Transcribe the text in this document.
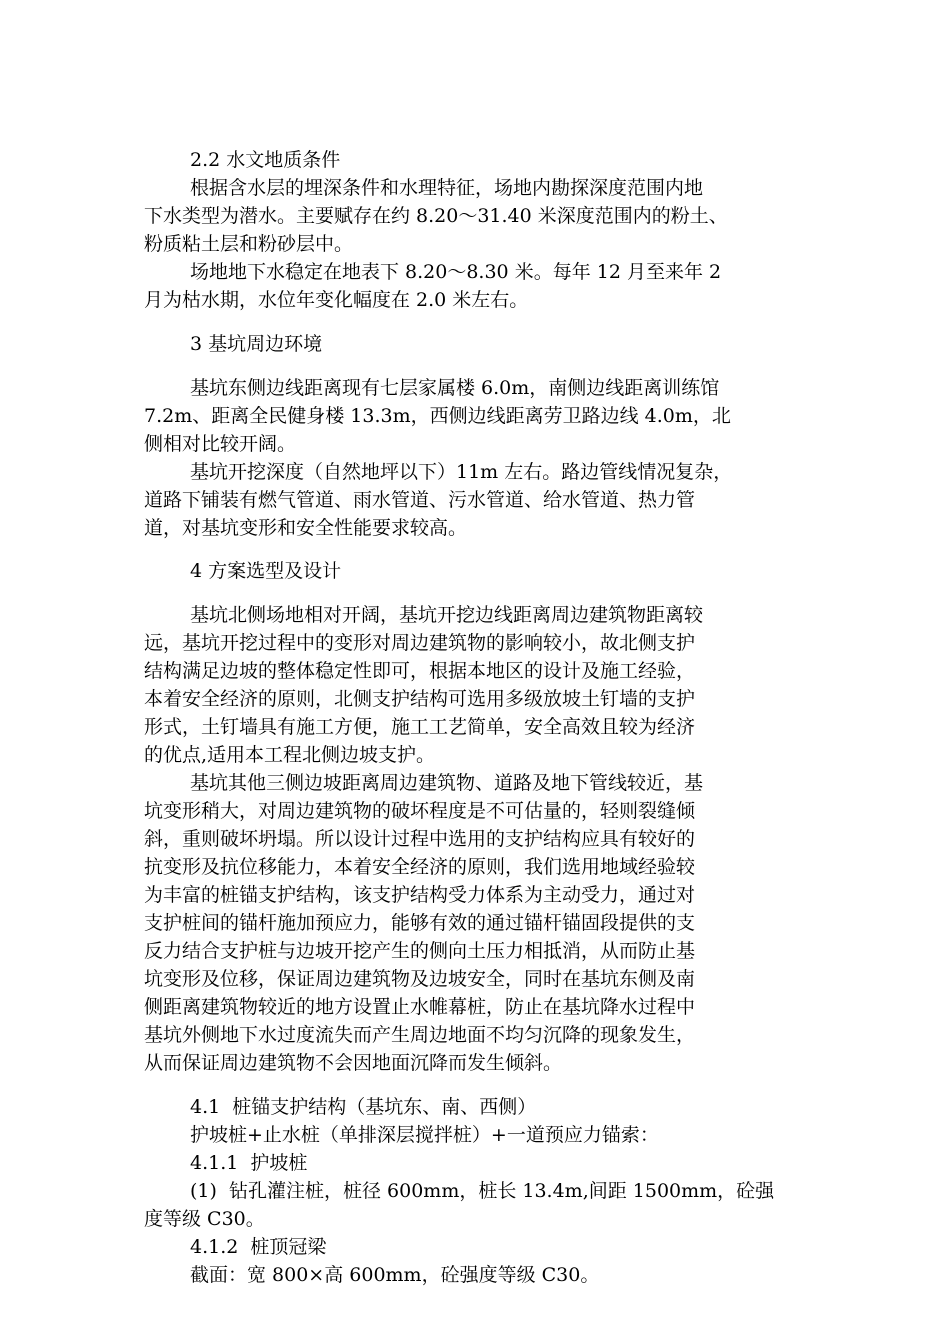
2.2 水文地质条件
根据含水层的埋深条件和水理特征，场地内勘探深度范围内地
下水类型为潜水。主要赋存在约 8.20～31.40 米深度范围内的粉土、
粉质粘土层和粉砂层中。
场地地下水稳定在地表下 8.20～8.30 米。每年 12 月至来年 2
月为枯水期，水位年变化幅度在 2.0 米左右。
3 基坑周边环境
基坑东侧边线距离现有七层家属楼 6.0m，南侧边线距离训练馆
7.2m、距离全民健身楼 13.3m，西侧边线距离劳卫路边线 4.0m，北
侧相对比较开阔。
基坑开挖深度（自然地坪以下）11m 左右。路边管线情况复杂，
道路下铺装有燃气管道、雨水管道、污水管道、给水管道、热力管
道，对基坑变形和安全性能要求较高。
4 方案选型及设计
基坑北侧场地相对开阔，基坑开挖边线距离周边建筑物距离较
远，基坑开挖过程中的变形对周边建筑物的影响较小，故北侧支护
结构满足边坡的整体稳定性即可，根据本地区的设计及施工经验，
本着安全经济的原则，北侧支护结构可选用多级放坡土钉墙的支护
形式，土钉墙具有施工方便，施工工艺简单，安全高效且较为经济
的优点,适用本工程北侧边坡支护。
基坑其他三侧边坡距离周边建筑物、道路及地下管线较近，基
坑变形稍大，对周边建筑物的破坏程度是不可估量的，轻则裂缝倾
斜，重则破坏坍塌。所以设计过程中选用的支护结构应具有较好的
抗变形及抗位移能力，本着安全经济的原则，我们选用地域经验较
为丰富的桩锚支护结构，该支护结构受力体系为主动受力，通过对
支护桩间的锚杆施加预应力，能够有效的通过锚杆锚固段提供的支
反力结合支护桩与边坡开挖产生的侧向土压力相抵消，从而防止基
坑变形及位移，保证周边建筑物及边坡安全，同时在基坑东侧及南
侧距离建筑物较近的地方设置止水帷幕桩，防止在基坑降水过程中
基坑外侧地下水过度流失而产生周边地面不均匀沉降的现象发生，
从而保证周边建筑物不会因地面沉降而发生倾斜。
4.1  桩锚支护结构（基坑东、南、西侧）
护坡桩+止水桩（单排深层搅拌桩）+一道预应力锚索：
4.1.1  护坡桩
(1)  钻孔灌注桩，桩径 600mm，桩长 13.4m,间距 1500mm，砼强
度等级 C30。
4.1.2  桩顶冠梁
截面：宽 800×高 600mm，砼强度等级 C30。
